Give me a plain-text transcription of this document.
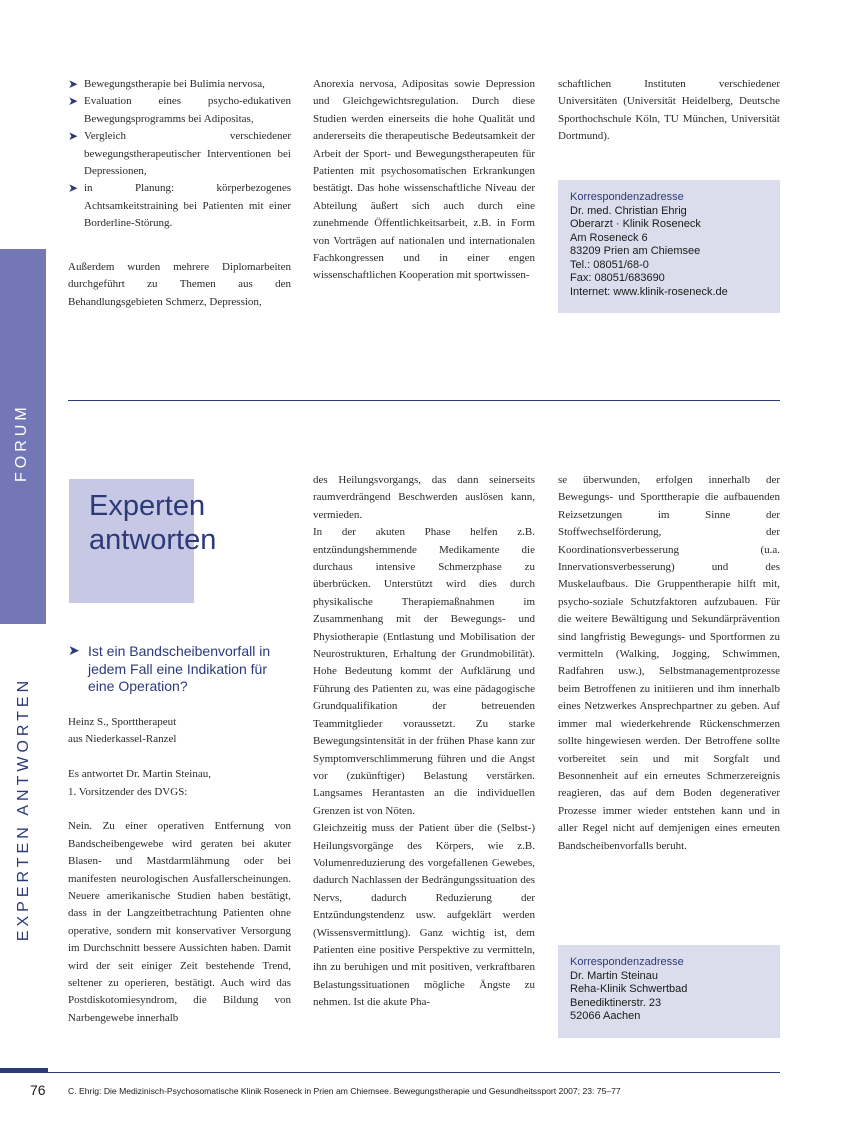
FORUM
EXPERTEN ANTWORTEN
➤ Bewegungstherapie bei Bulimia nervosa,
➤ Evaluation eines psycho-edukativen Bewegungsprogramms bei Adipositas,
➤ Vergleich verschiedener bewegungstherapeutischer Interventionen bei Depressionen,
➤ in Planung: körperbezogenes Achtsamkeitstraining bei Patienten mit einer Borderline-Störung.

Außerdem wurden mehrere Diplomarbeiten durchgeführt zu Themen aus den Behandlungsgebieten Schmerz, Depression,

Anorexia nervosa, Adipositas sowie Depression und Gleichgewichtsregulation. Durch diese Studien werden einerseits die hohe Qualität und andererseits die therapeutische Bedeutsamkeit der Arbeit der Sport- und Bewegungstherapeuten für Patienten mit psychosomatischen Erkrankungen bestätigt. Das hohe wissenschaftliche Niveau der Abteilung äußert sich auch durch eine zunehmende Öffentlichkeitsarbeit, z.B. in Form von Vorträgen auf nationalen und internationalen Fachkongressen und in einer engen wissenschaftlichen Kooperation mit sportwissen-

schaftlichen Instituten verschiedener Universitäten (Universität Heidelberg, Deutsche Sporthochschule Köln, TU München, Universität Dortmund).

Korrespondenzadresse
Dr. med. Christian Ehrig
Oberarzt · Klinik Roseneck
Am Roseneck 6
83209 Prien am Chiemsee
Tel.: 08051/68-0
Fax: 08051/683690
Internet: www.klinik-roseneck.de
Experten
antworten
➤ Ist ein Bandscheibenvorfall in jedem Fall eine Indikation für eine Operation?

Heinz S., Sporttherapeut

aus Niederkassel-Ranzel

Es antwortet Dr. Martin Steinau,

1. Vorsitzender des DVGS:

Nein. Zu einer operativen Entfernung von Bandscheibengewebe wird geraten bei akuter Blasen- und Mastdarmlähmung oder bei manifesten neurologischen Ausfallerscheinungen. Neuere amerikanische Studien haben bestätigt, dass in der Langzeitbetrachtung Patienten ohne operative, sondern mit konservativer Versorgung im Durchschnitt bessere Aussichten haben. Damit wird der seit einiger Zeit bestehende Trend, seltener zu operieren, bestätigt. Auch wird das Postdiskotomiesyndrom, die Bildung von Narbengewebe innerhalb

des Heilungsvorgangs, das dann seinerseits raumverdrängend Beschwerden auslösen kann, vermieden.

In der akuten Phase helfen z.B. entzündungshemmende Medikamente die durchaus intensive Schmerzphase zu überbrücken. Unterstützt wird dies durch physikalische Therapiemaßnahmen im Zusammenhang mit der Bewegungs- und Physiotherapie (Entlastung und Mobilisation der Neurostrukturen, Erhaltung der Grundmobilität). Hohe Bedeutung kommt der Aufklärung und Führung des Patienten zu, was eine pädagogische Grundqualifikation der betreuenden Teammitglieder voraussetzt. Zu starke Bewegungsintensität in der frühen Phase kann zur Symptomverschlimmerung führen und die Angst vor (zukünftiger) Belastung verstärken. Langsames Herantasten an die individuellen Grenzen ist von Nöten.

Gleichzeitig muss der Patient über die (Selbst-) Heilungsvorgänge des Körpers, wie z.B. Volumenreduzierung des vorgefallenen Gewebes, dadurch Nachlassen der Bedrängungssituation des Nervs, dadurch Reduzierung der Entzündungstendenz usw. aufgeklärt werden (Wissensvermittlung). Ganz wichtig ist, dem Patienten eine positive Perspektive zu vermitteln, ihn zu beruhigen und mit positiven, verkraftbaren Belastungssituationen mögliche Ängste zu nehmen. Ist die akute Pha-

se überwunden, erfolgen innerhalb der Bewegungs- und Sporttherapie die aufbauenden Reizsetzungen im Sinne der Stoffwechselförderung, der Koordinationsverbesserung (u.a. Innervationsverbesserung) und des Muskelaufbaus. Die Gruppentherapie hilft mit, psycho-soziale Schutzfaktoren aufzubauen. Für die weitere Bewältigung und Sekundärprävention sind langfristig Bewegungs- und Sportformen zu vermitteln (Walking, Jogging, Schwimmen, Radfahren usw.), Selbstmanagementprozesse beim Betroffenen zu initiieren und ihm innerhalb eines Netzwerkes Ansprechpartner zu geben. Auf immer mal wiederkehrende Rückenschmerzen sollte hingewiesen werden. Der Betroffene sollte vorbereitet sein und mit Sorgfalt und Besonnenheit auf ein erneutes Schmerzereignis reagieren, das auf dem Boden degenerativer Prozesse immer wieder entstehen kann und in aller Regel nicht auf demjenigen eines erneuten Bandscheibenvorfalls beruht.

Korrespondenzadresse
Dr. Martin Steinau
Reha-Klinik Schwertbad
Benediktinerstr. 23
52066 Aachen
76	C. Ehrig: Die Medizinisch-Psychosomatische Klinik Roseneck in Prien am Chiemsee. Bewegungstherapie und Gesundheitssport 2007; 23: 75–77
